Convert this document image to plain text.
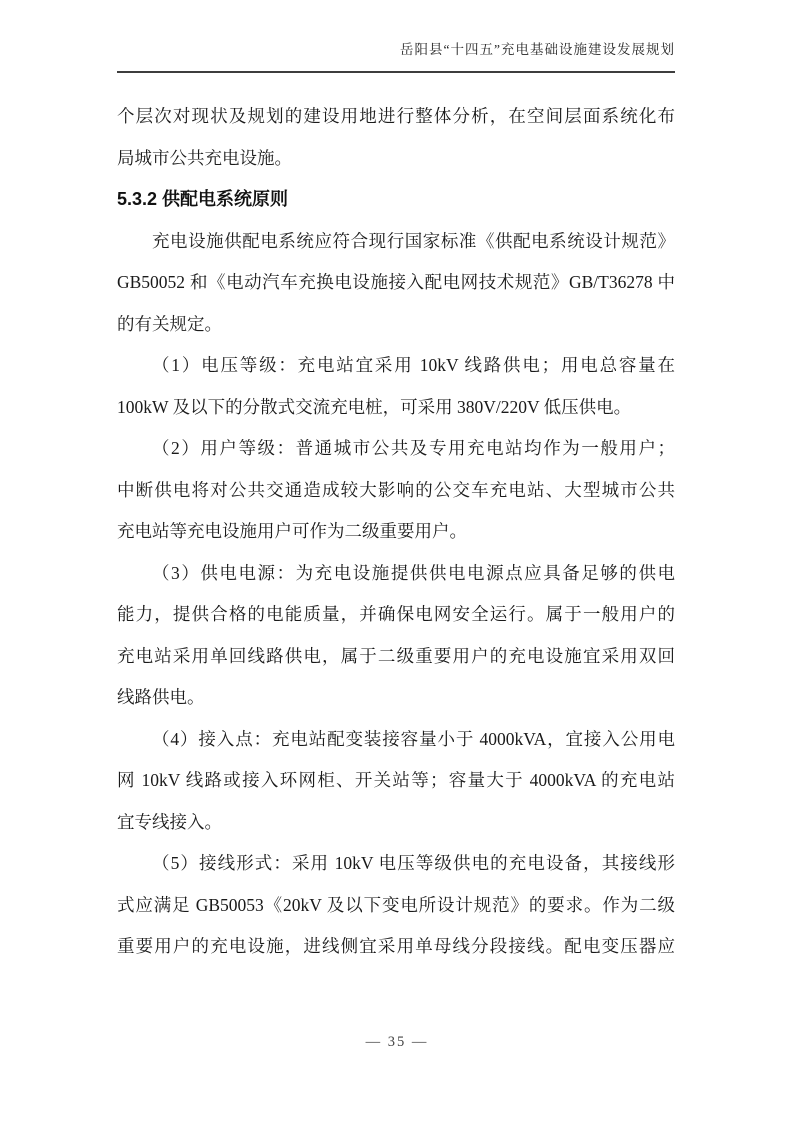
岳阳县“十四五”充电基础设施建设发展规划
个层次对现状及规划的建设用地进行整体分析，在空间层面系统化布
局城市公共充电设施。
5.3.2 供配电系统原则
充电设施供配电系统应符合现行国家标准《供配电系统设计规范》
GB50052 和《电动汽车充换电设施接入配电网技术规范》GB/T36278 中
的有关规定。
（1）电压等级：充电站宜采用 10kV 线路供电；用电总容量在
100kW 及以下的分散式交流充电桩，可采用 380V/220V 低压供电。
（2）用户等级：普通城市公共及专用充电站均作为一般用户；
中断供电将对公共交通造成较大影响的公交车充电站、大型城市公共
充电站等充电设施用户可作为二级重要用户。
（3）供电电源：为充电设施提供供电电源点应具备足够的供电
能力，提供合格的电能质量，并确保电网安全运行。属于一般用户的
充电站采用单回线路供电，属于二级重要用户的充电设施宜采用双回
线路供电。
（4）接入点：充电站配变装接容量小于 4000kVA，宜接入公用电
网 10kV 线路或接入环网柜、开关站等；容量大于 4000kVA 的充电站
宜专线接入。
（5）接线形式：采用 10kV 电压等级供电的充电设备，其接线形
式应满足 GB50053《20kV 及以下变电所设计规范》的要求。作为二级
重要用户的充电设施，进线侧宜采用单母线分段接线。配电变压器应
— 35 —
